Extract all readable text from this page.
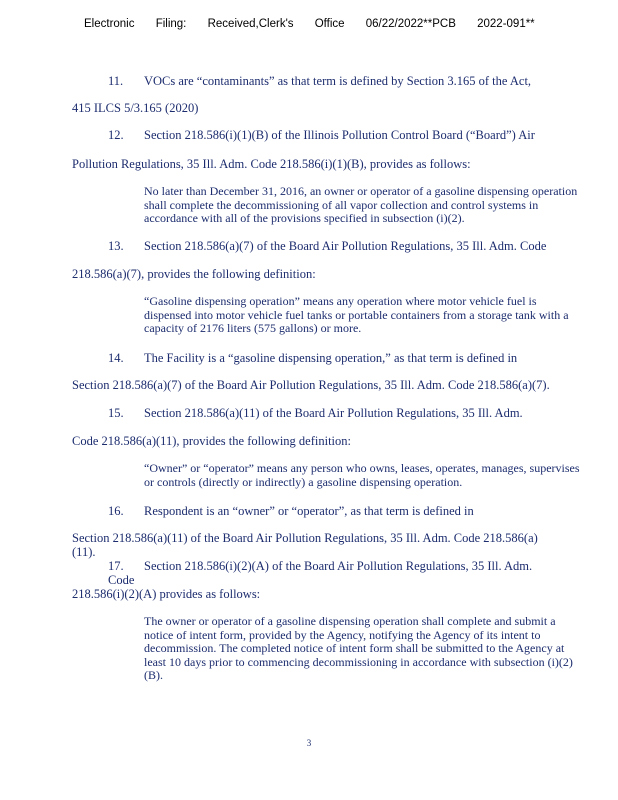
Electronic Filing: Received,Clerk's Office 06/22/2022**PCB 2022-091**
11. VOCs are “contaminants” as that term is defined by Section 3.165 of the Act,
415 ILCS 5/3.165 (2020)
12. Section 218.586(i)(1)(B) of the Illinois Pollution Control Board (“Board”) Air
Pollution Regulations, 35 Ill. Adm. Code 218.586(i)(1)(B), provides as follows:
No later than December 31, 2016, an owner or operator of a gasoline dispensing operation shall complete the decommissioning of all vapor collection and control systems in accordance with all of the provisions specified in subsection (i)(2).
13. Section 218.586(a)(7) of the Board Air Pollution Regulations, 35 Ill. Adm. Code
218.586(a)(7), provides the following definition:
“Gasoline dispensing operation” means any operation where motor vehicle fuel is dispensed into motor vehicle fuel tanks or portable containers from a storage tank with a capacity of 2176 liters (575 gallons) or more.
14. The Facility is a “gasoline dispensing operation,” as that term is defined in
Section 218.586(a)(7) of the Board Air Pollution Regulations, 35 Ill. Adm. Code 218.586(a)(7).
15. Section 218.586(a)(11) of the Board Air Pollution Regulations, 35 Ill. Adm.
Code 218.586(a)(11), provides the following definition:
“Owner” or “operator” means any person who owns, leases, operates, manages, supervises or controls (directly or indirectly) a gasoline dispensing operation.
16. Respondent is an “owner” or “operator”, as that term is defined in
Section 218.586(a)(11) of the Board Air Pollution Regulations, 35 Ill. Adm. Code 218.586(a)(11).
17. Section 218.586(i)(2)(A) of the Board Air Pollution Regulations, 35 Ill. Adm. Code
218.586(i)(2)(A) provides as follows:
The owner or operator of a gasoline dispensing operation shall complete and submit a notice of intent form, provided by the Agency, notifying the Agency of its intent to decommission. The completed notice of intent form shall be submitted to the Agency at least 10 days prior to commencing decommissioning in accordance with subsection (i)(2)(B).
3
